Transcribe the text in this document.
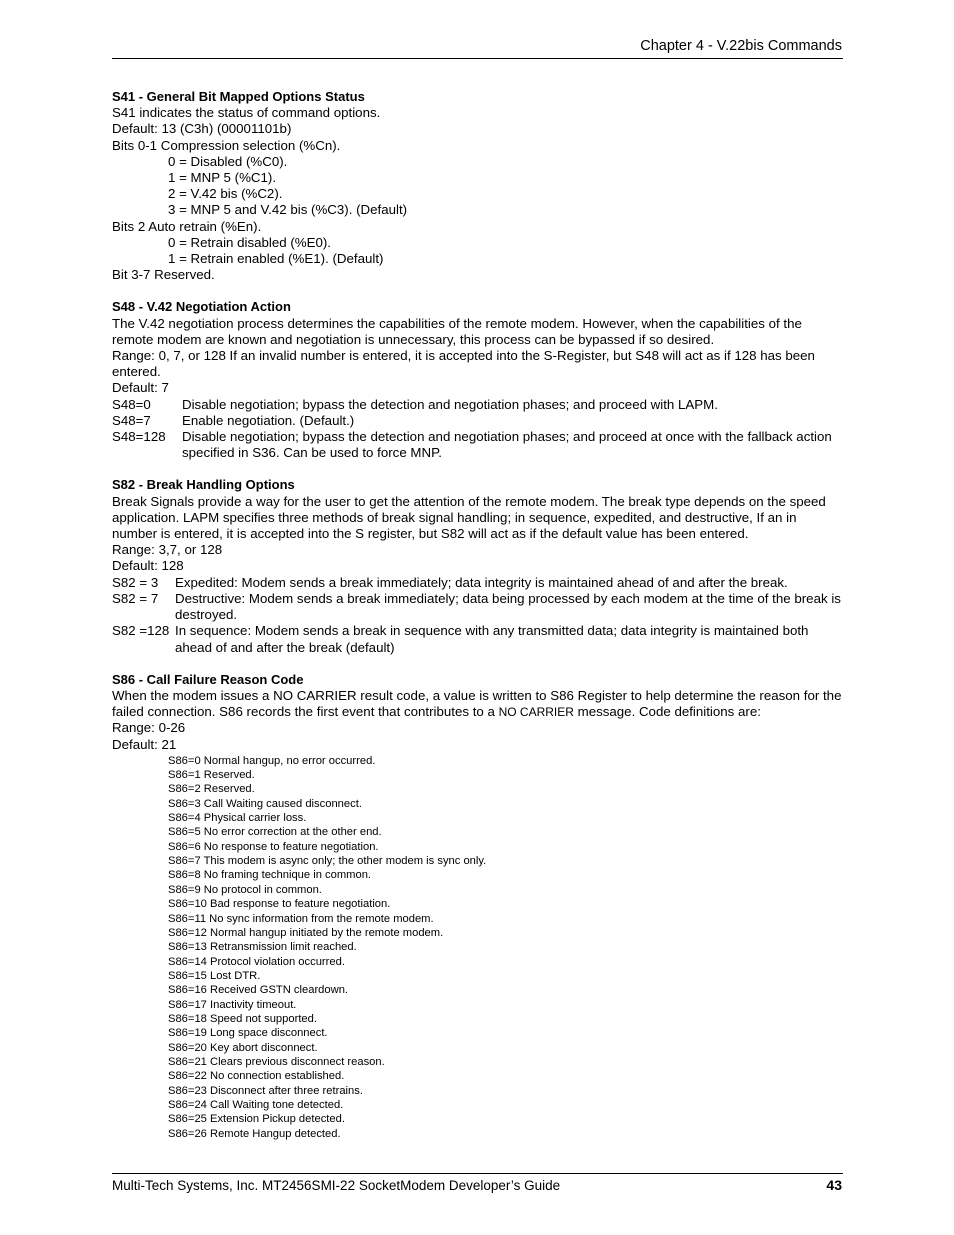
Chapter 4 - V.22bis Commands
S41 - General Bit Mapped Options Status

S41 indicates the status of command options.

Default: 13 (C3h) (00001101b)

Bits 0-1 Compression selection (%Cn).

0 = Disabled (%C0).

1 = MNP 5 (%C1).

2 = V.42 bis (%C2).

3 = MNP 5 and V.42 bis (%C3). (Default)

Bits 2 Auto retrain (%En).

0 = Retrain disabled (%E0).

1 = Retrain enabled (%E1). (Default)

Bit 3-7 Reserved.

S48 - V.42 Negotiation Action

The V.42 negotiation process determines the capabilities of the remote modem. However, when the capabilities of the remote modem are known and negotiation is unnecessary, this process can be bypassed if so desired.

Range: 0, 7, or 128 If an invalid number is entered, it is accepted into the S-Register, but S48 will act as if 128 has been entered.

Default: 7

S48=0	Disable negotiation; bypass the detection and negotiation phases; and proceed with LAPM.
S48=7	Enable negotiation. (Default.)
S48=128	Disable negotiation; bypass the detection and negotiation phases; and proceed at once with the fallback action specified in S36. Can be used to force MNP.
S82 - Break Handling Options

Break Signals provide a way for the user to get the attention of the remote modem. The break type depends on the speed application. LAPM specifies three methods of break signal handling; in sequence, expedited, and destructive, If an in number is entered, it is accepted into the S register, but S82 will act as if the default value has been entered.

Range: 3,7, or 128

Default: 128

S82 = 3	Expedited: Modem sends a break immediately; data integrity is maintained ahead of and after the break.
S82 = 7	Destructive: Modem sends a break immediately; data being processed by each modem at the time of the break is destroyed.
S82 =128 In sequence: Modem sends a break in sequence with any transmitted data; data integrity is maintained both ahead of and after the break (default)
S86 - Call Failure Reason Code

When the modem issues a NO CARRIER result code, a value is written to S86 Register to help determine the reason for the failed connection. S86 records the first event that contributes to a NO CARRIER message. Code definitions are:

Range: 0-26

Default: 21

S86=0 Normal hangup, no error occurred.
S86=1 Reserved.
S86=2 Reserved.
S86=3 Call Waiting caused disconnect.
S86=4 Physical carrier loss.
S86=5 No error correction at the other end.
S86=6 No response to feature negotiation.
S86=7 This modem is async only; the other modem is sync only.
S86=8 No framing technique in common.
S86=9 No protocol in common.
S86=10 Bad response to feature negotiation.
S86=11 No sync information from the remote modem.
S86=12 Normal hangup initiated by the remote modem.
S86=13 Retransmission limit reached.
S86=14 Protocol violation occurred.
S86=15 Lost DTR.
S86=16 Received GSTN cleardown.
S86=17 Inactivity timeout.
S86=18 Speed not supported.
S86=19 Long space disconnect.
S86=20 Key abort disconnect.
S86=21 Clears previous disconnect reason.
S86=22 No connection established.
S86=23 Disconnect after three retrains.
S86=24 Call Waiting tone detected.
S86=25 Extension Pickup detected.
S86=26 Remote Hangup detected.
Multi-Tech Systems, Inc. MT2456SMI-22 SocketModem Developer’s Guide	43
